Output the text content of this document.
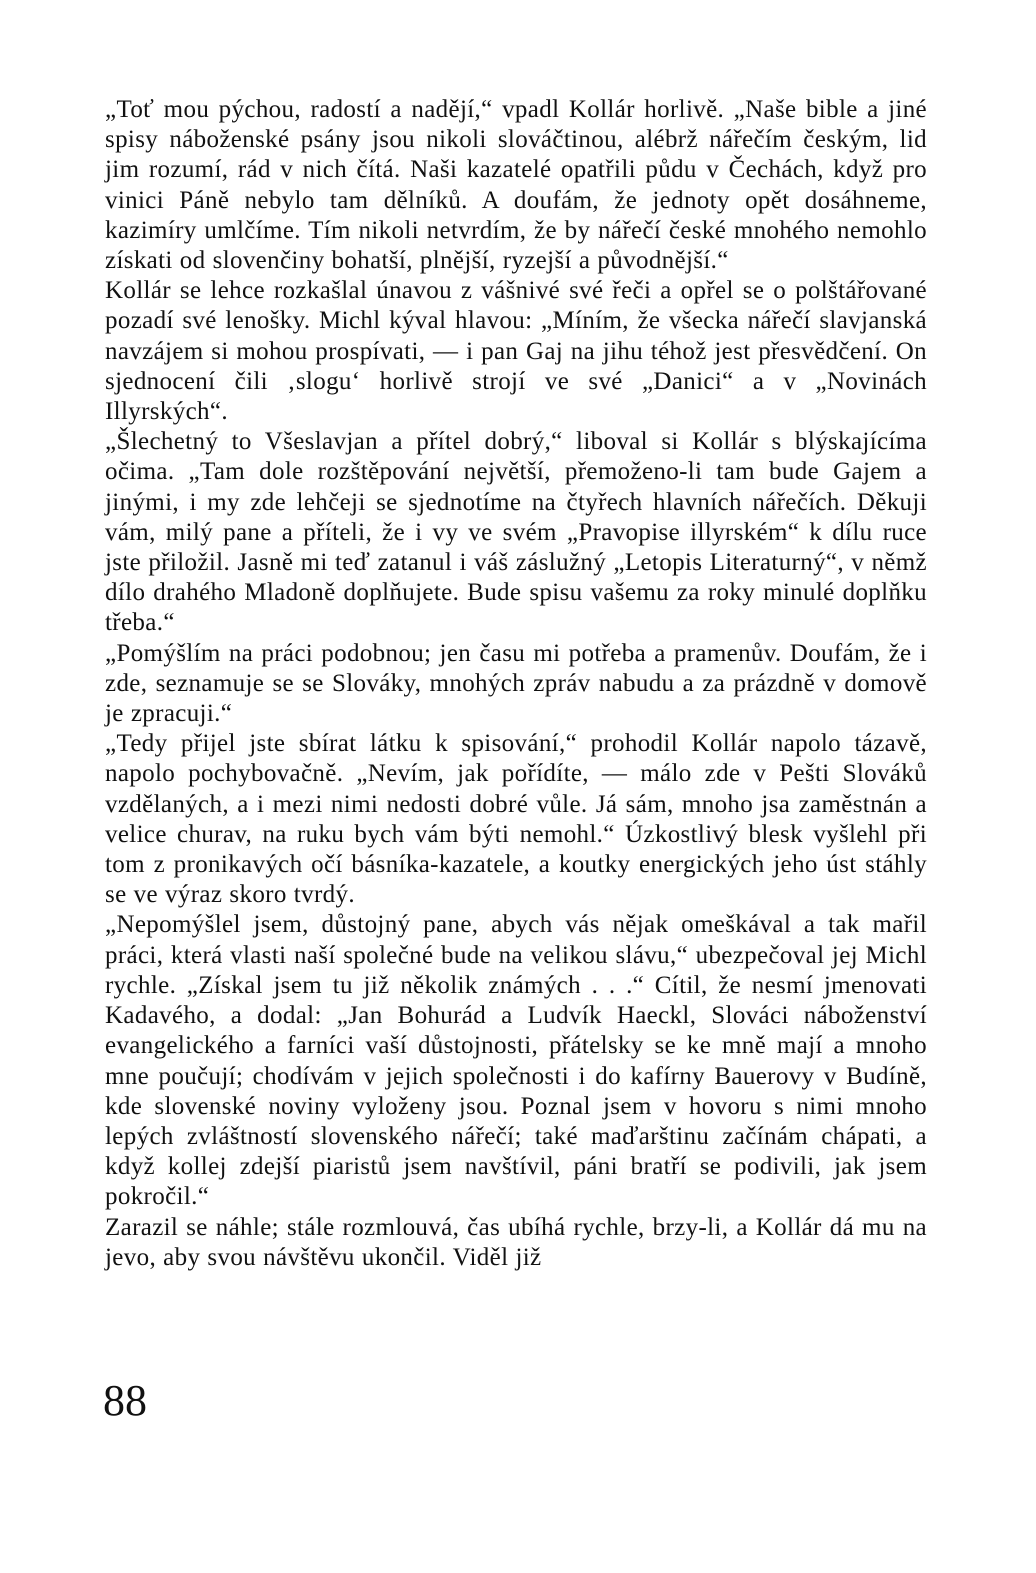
„Toť mou pýchou, radostí a nadějí,“ vpadl Kollár horlivě. „Naše bible a jiné spisy náboženské psány jsou nikoli slováčtinou, alébrž nářečím českým, lid jim rozumí, rád v nich čítá. Naši kazatelé opatřili půdu v Čechách, když pro vinici Páně nebylo tam dělníků. A doufám, že jednoty opět dosáhneme, kazimíry umlčíme. Tím nikoli netvrdím, že by nářečí české mnohého nemohlo získati od slovenčiny bohatší, plnější, ryzejší a původnější.“

Kollár se lehce rozkašlal únavou z vášnivé své řeči a opřel se o polštářované pozadí své lenošky. Michl kýval hlavou: „Míním, že všecka nářečí slavjanská navzájem si mohou prospívati, — i pan Gaj na jihu téhož jest přesvědčení. On sjednocení čili ‚slogu‘ horlivě strojí ve své „Danici“ a v „Novinách Illyrských“.

„Šlechetný to Všeslavjan a přítel dobrý,“ liboval si Kollár s blýskajícíma očima. „Tam dole rozštěpování největší, přemoženo-li tam bude Gajem a jinými, i my zde lehčeji se sjednotíme na čtyřech hlavních nářečích. Děkuji vám, milý pane a příteli, že i vy ve svém „Pravopise illyrském“ k dílu ruce jste přiložil. Jasně mi teď zatanul i váš záslužný „Letopis Literaturný“, v němž dílo drahého Mladoně doplňujete. Bude spisu vašemu za roky minulé doplňku třeba.“

„Pomýšlím na práci podobnou; jen času mi potřeba a pramenův. Doufám, že i zde, seznamuje se se Slováky, mnohých zpráv nabudu a za prázdně v domově je zpracuji.“

„Tedy přijel jste sbírat látku k spisování,“ prohodil Kollár napolo tázavě, napolo pochybovačně. „Nevím, jak pořídíte, — málo zde v Pešti Slováků vzdělaných, a i mezi nimi nedosti dobré vůle. Já sám, mnoho jsa zaměstnán a velice churav, na ruku bych vám býti nemohl.“ Úzkostlivý blesk vyšlehl při tom z pronikavých očí básníka-kazatele, a koutky energických jeho úst stáhly se ve výraz skoro tvrdý.

„Nepomýšlel jsem, důstojný pane, abych vás nějak omeškával a tak mařil práci, která vlasti naší společné bude na velikou slávu,“ ubezpečoval jej Michl rychle. „Získal jsem tu již několik známých . . .“ Cítil, že nesmí jmenovati Kadavého, a dodal: „Jan Bohurád a Ludvík Haeckl, Slováci náboženství evangelického a farníci vaší důstojnosti, přátelsky se ke mně mají a mnoho mne poučují; chodívám v jejich společnosti i do kafírny Bauerovy v Budíně, kde slovenské noviny vyloženy jsou. Poznal jsem v hovoru s nimi mnoho lepých zvláštností slovenského nářečí; také maďarštinu začínám chápati, a když kollej zdejší piaristů jsem navštívil, páni bratří se podivili, jak jsem pokročil.“

Zarazil se náhle; stále rozmlouvá, čas ubíhá rychle, brzy-li, a Kollár dá mu na jevo, aby svou návštěvu ukončil. Viděl již

88
